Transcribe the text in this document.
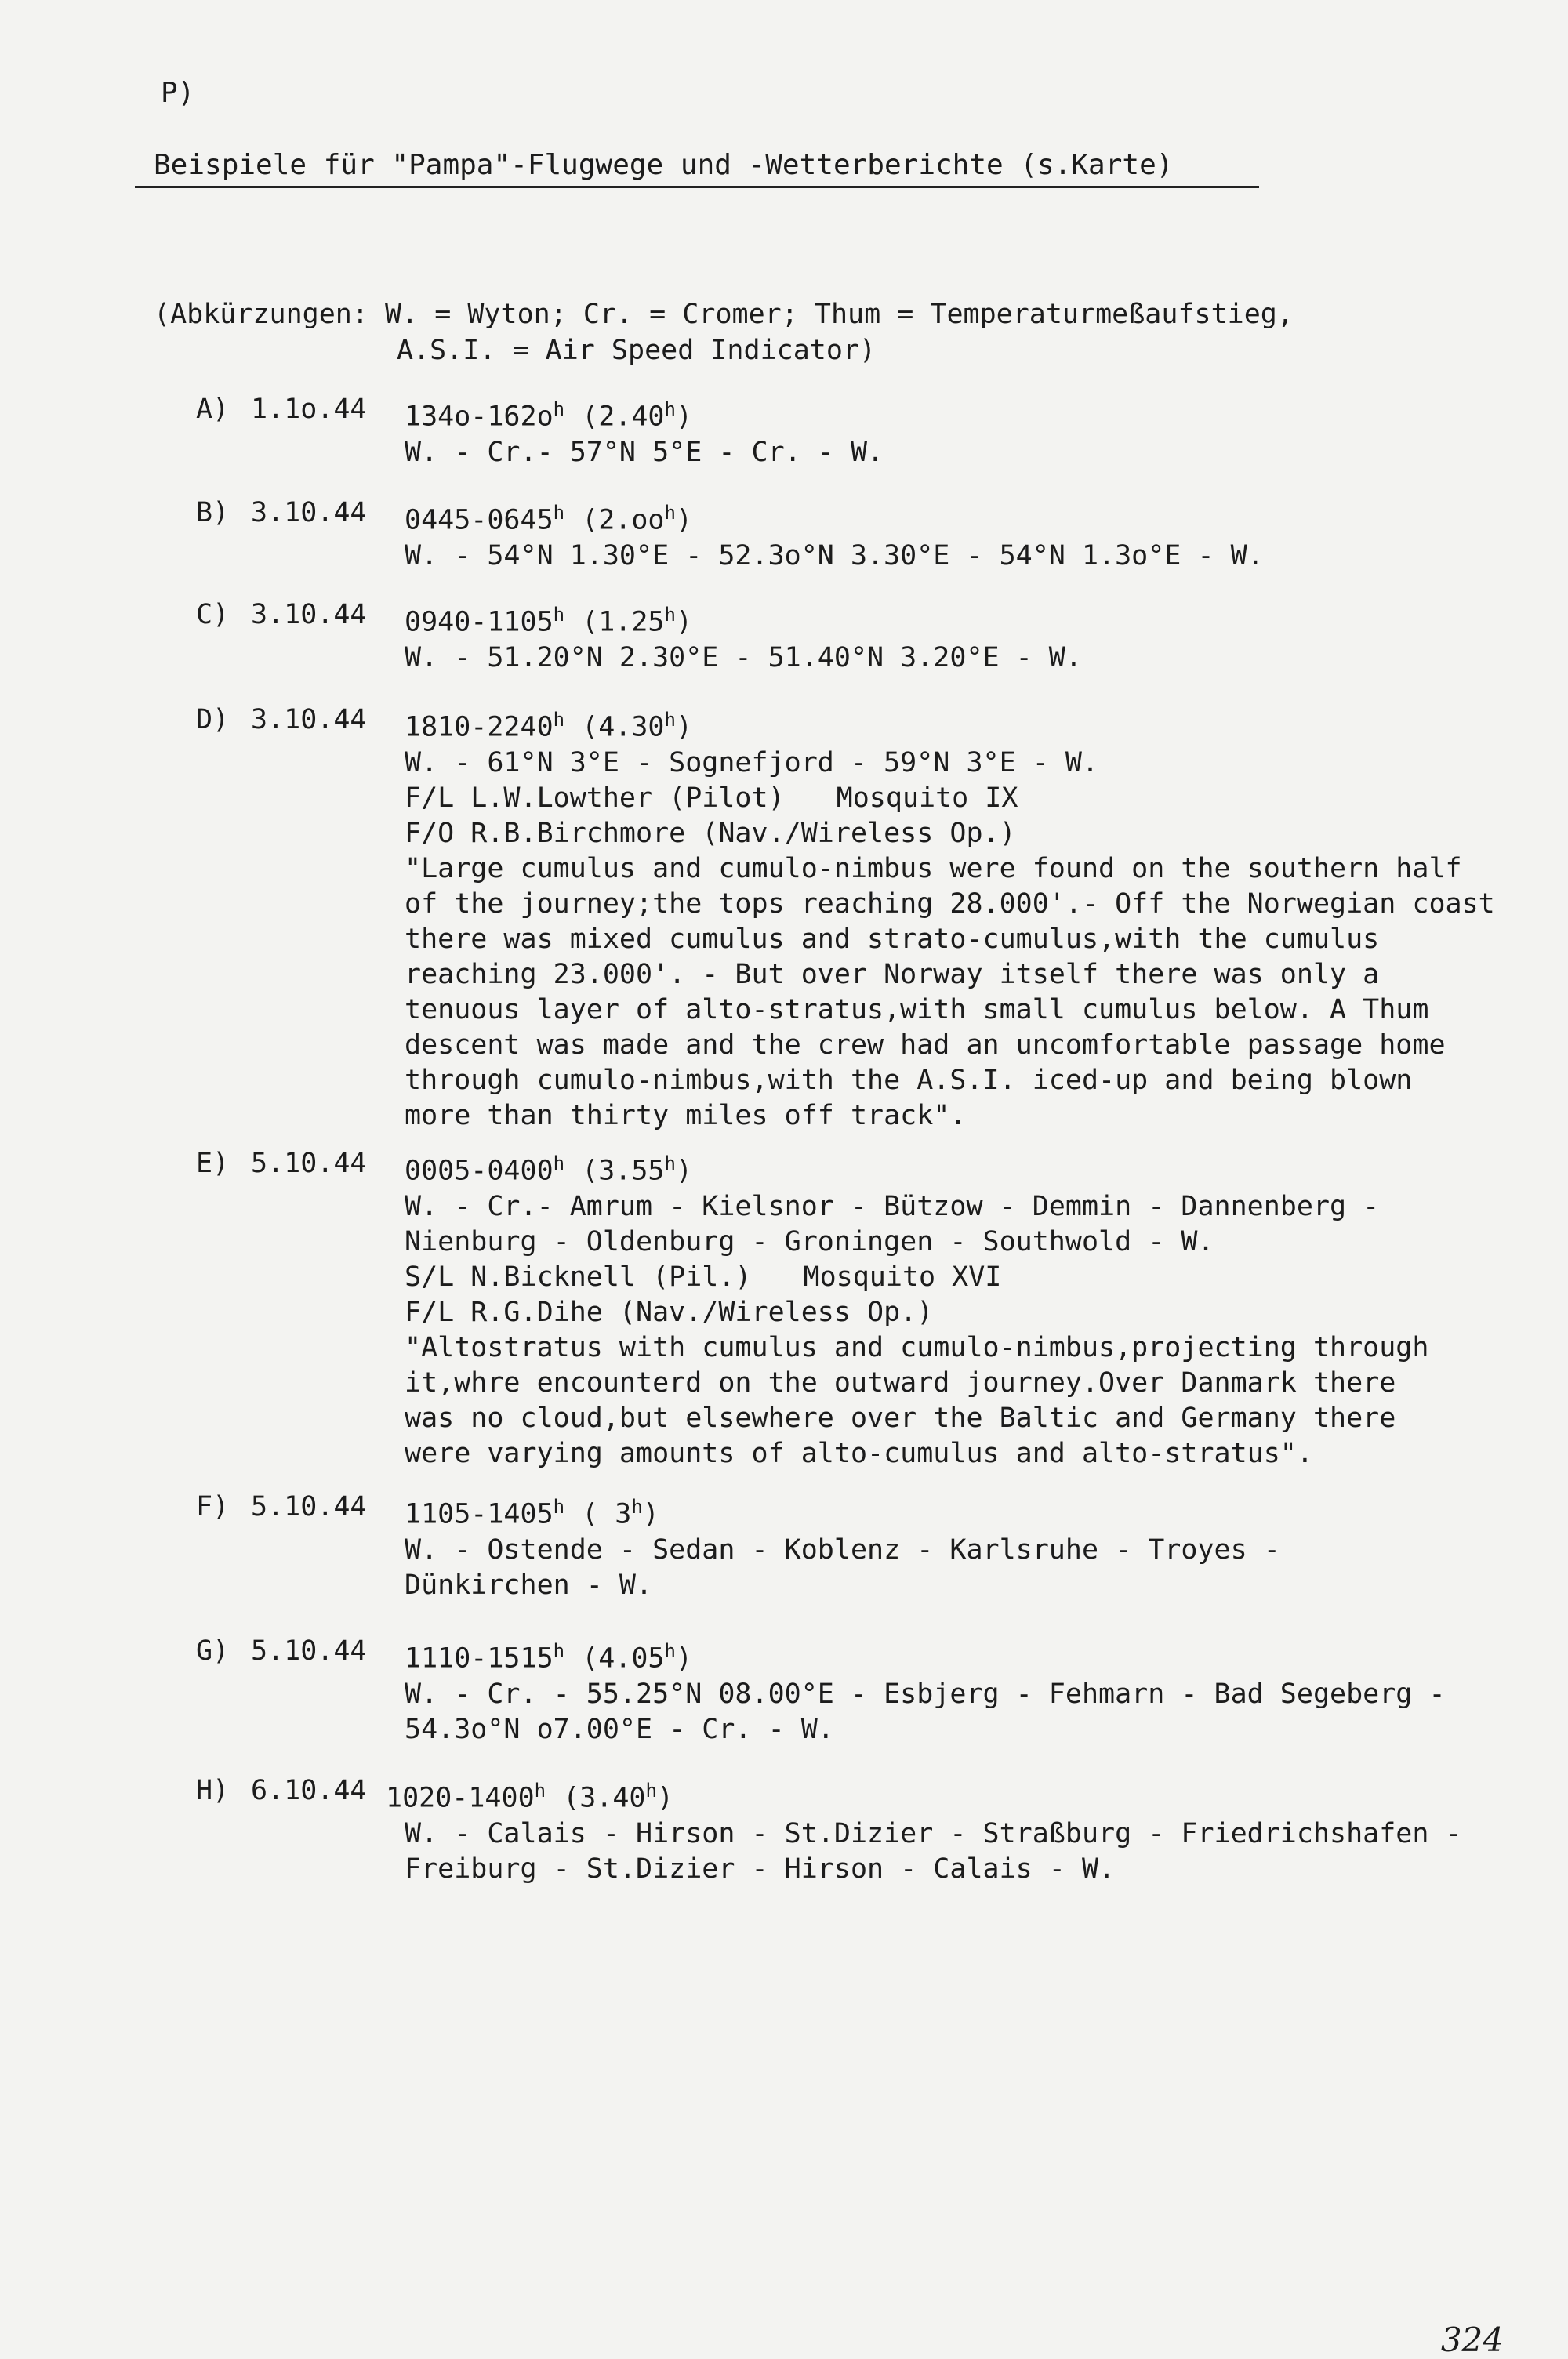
P)
Beispiele für "Pampa"-Flugwege und -Wetterberichte (s.Karte)
(Abkürzungen: W. = Wyton; Cr. = Cromer; Thum = Temperaturmeßaufstieg,
A.S.I. = Air Speed Indicator)
A) 1.1o.44	$134o-162o^h$ (2.40$^h$)
W. - Cr.- 57°N 5°E - Cr. - W.
B) 3.10.44	0445-0645$^h$ $(2.oo^h)$
W. - 54°N 1.30°E - 52.3o°N 3.30°E - 54°N 1.3o°E - W.
C) 3.10.44	0940-1105$^h$ (1.25$^h$)
W. - 51.20°N 2.30°E - 51.40°N 3.20°E - W.
D) 3.10.44	1810-2240$^h$ (4.30$^h$)
W. - 61°N 3°E - Sognefjord - 59°N 3°E - W.
F/L L.W.Lowther (Pilot) Mosquito IX
F/O R.B.Birchmore (Nav./Wireless Op.)
"Large cumulus and cumulo-nimbus were found on the southern half
of the journey;the tops reaching 28.000'.- Off the Norwegian coast
there was mixed cumulus and strato-cumulus,with the cumulus
reaching 23.000'. - But over Norway itself there was only a
tenuous layer of alto-stratus,with small cumulus below. A Thum
descent was made and the crew had an uncomfortable passage home
through cumulo-nimbus,with the A.S.I. iced-up and being blown
more than thirty miles off track".
E) 5.10.44	0005-0400$^h$ (3.55$^h$)
W. - Cr.- Amrum - Kielsnor - Bützow - Demmin - Dannenberg -
Nienburg - Oldenburg - Groningen - Southwold - W.
S/L N.Bicknell (Pil.) Mosquito XVI
F/L R.G.Dihe (Nav./Wireless Op.)
"Altostratus with cumulus and cumulo-nimbus,projecting through
it,whre encounterd on the outward journey.Over Danmark there
was no cloud,but elsewhere over the Baltic and Germany there
were varying amounts of alto-cumulus and alto-stratus".
F) 5.10.44	1105-1405$^h$ ( 3$^h$)
W. - Ostende - Sedan - Koblenz - Karlsruhe - Troyes -
Dünkirchen - W.
G) 5.10.44	1110-1515$^h$ (4.05$^h$)
W. - Cr. - 55.25°N 08.00°E - Esbjerg - Fehmarn - Bad Segeberg -
54.3o°N o7.00°E - Cr. - W.
H) 6.10.44 1020-1400$^h$ (3.40$^h$)
W. - Calais - Hirson - St.Dizier - Straßburg - Friedrichshafen -
Freiburg - St.Dizier - Hirson - Calais - W.
324
